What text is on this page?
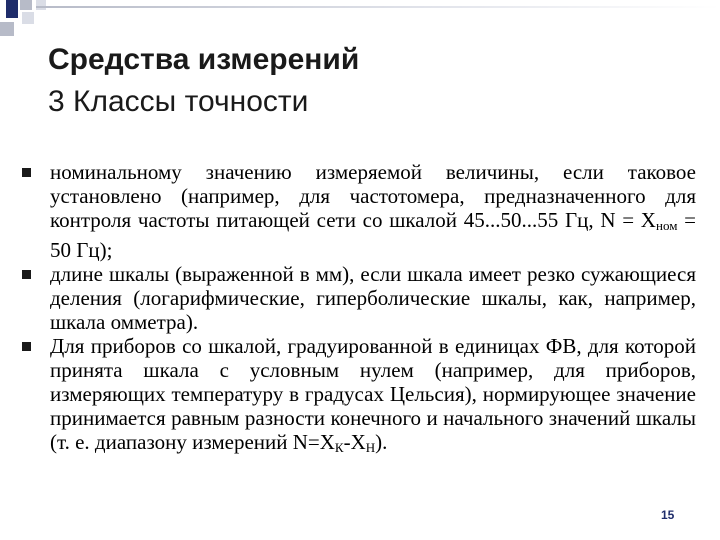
Средства измерений
3 Классы точности
номинальному значению измеряемой величины, если таковое установлено (например, для частотомера, предназначенного для контроля частоты питающей сети со шкалой 45...50...55 Гц, $N = X_{ном} = 50$ Гц);
длине шкалы (выраженной в мм), если шкала имеет резко сужающиеся деления (логарифмические, гиперболические шкалы, как, например, шкала омметра).
Для приборов со шкалой, градуированной в единицах ФВ, для которой принята шкала с условным нулем (например, для приборов, измеряющих температуру в градусах Цельсия), нормирующее значение принимается равным разности конечного и начального значений шкалы (т. е. диапазону измерений $N=X_К-X_Н$).
15
